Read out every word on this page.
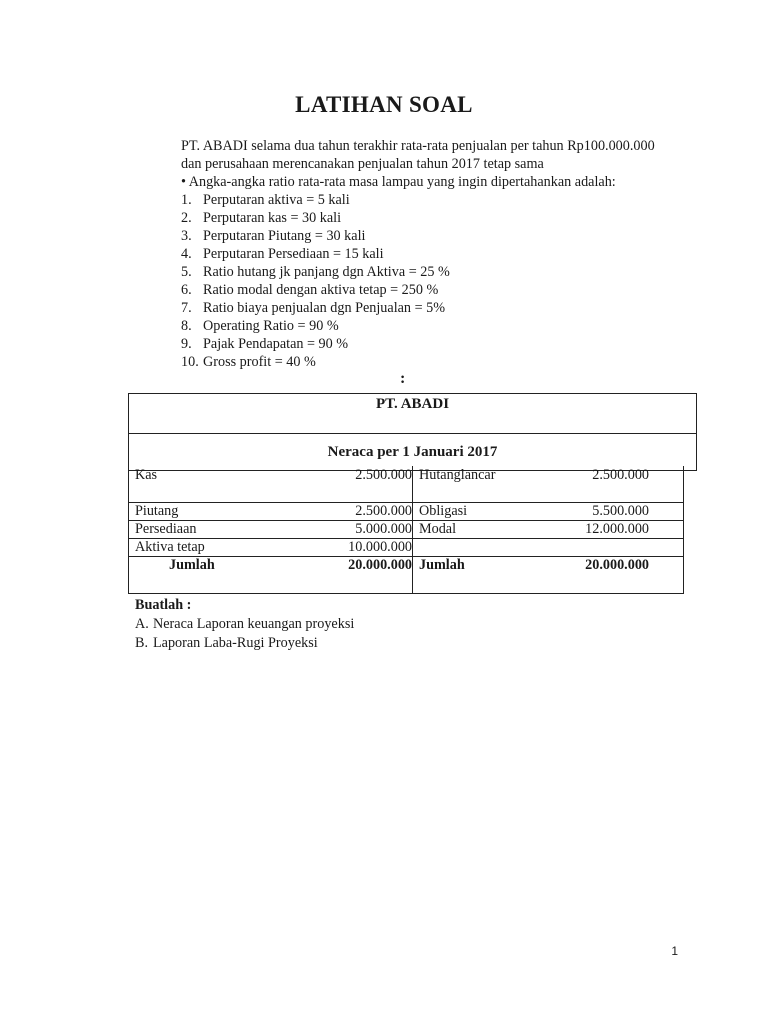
LATIHAN SOAL

PT. ABADI selama dua tahun terakhir rata-rata penjualan per tahun Rp100.000.000

dan perusahaan merencanakan penjualan tahun 2017 tetap sama

• Angka-angka ratio rata-rata masa lampau yang ingin dipertahankan adalah:

1. Perputaran aktiva = 5 kali
2. Perputaran kas = 30 kali
3. Perputaran Piutang = 30 kali
4. Perputaran Persediaan = 15 kali
5. Ratio hutang jk panjang dgn Aktiva = 25 %
6. Ratio modal dengan aktiva tetap = 250 %
7. Ratio biaya penjualan dgn Penjualan = 5%
8. Operating Ratio = 90 %
9. Pajak Pendapatan = 90 %
10. Gross profit = 40 %
:
PT. ABADI
Neraca per 1 Januari 2017
Kas	2.500.000	Hutanglancar	2.500.000
Piutang	2.500.000	Obligasi	5.500.000
Persediaan	5.000.000	Modal	12.000.000
Aktiva tetap	10.000.000		
Jumlah	20.000.000	Jumlah	20.000.000
Buatlah :
A. Neraca Laporan keuangan proyeksi
B. Laporan Laba-Rugi Proyeksi
1
